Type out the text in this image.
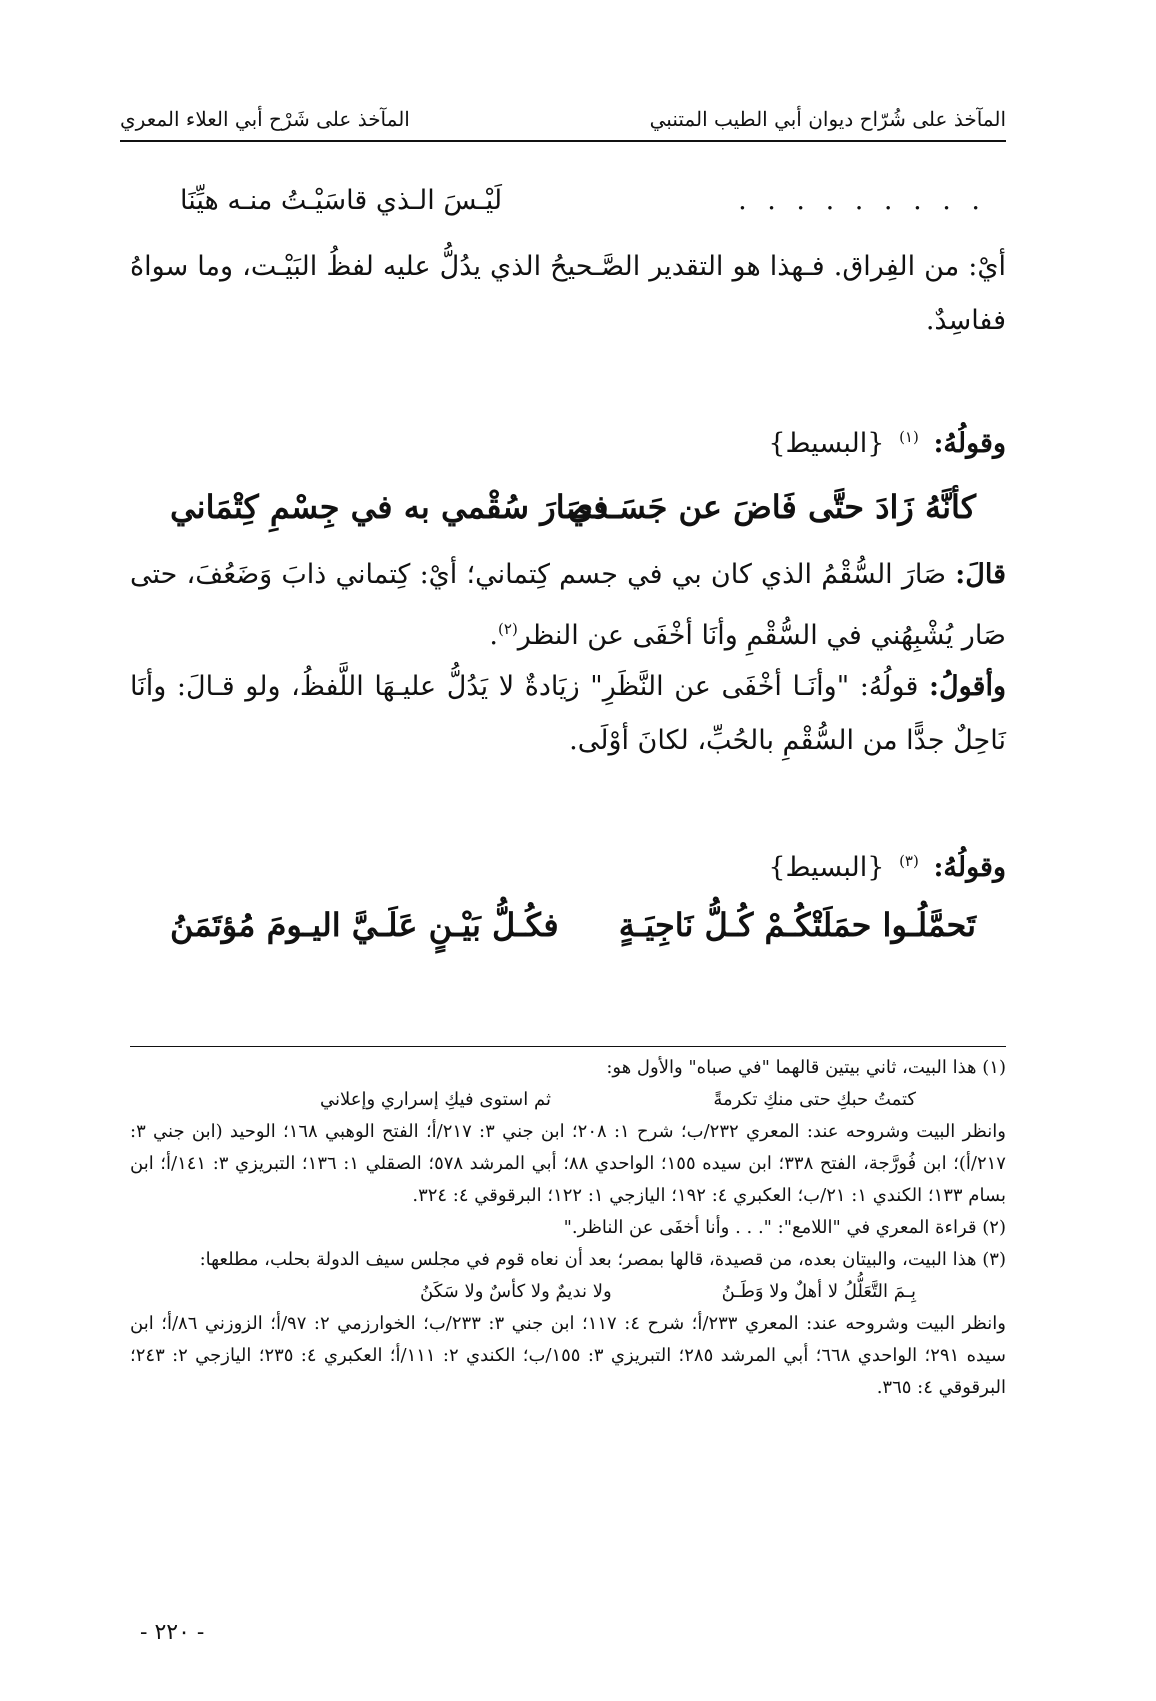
المآخذ على شُرّاح ديوان أبي الطيب المتنبي
المآخذ على شَرْح أبي العلاء المعري
. . . . . . . . .
لَيْـسَ الـذي قاسَيْـتُ منـه هيِّنَا
أيْ: من الفِراق. فـهذا هو التقدير الصَّـحيحُ الذي يدُلُّ عليه لفظُ البَيْـت، وما سواهُ ففاسِدٌ.
وقولُهُ: $^{(١)}$ {البسيط}
كأنَّهُ زَادَ حتَّى فَاضَ عن جَسَـدي
فصَارَ سُقْمي به في جِسْمِ كِتْمَاني
قالَ: صَارَ السُّقْمُ الذي كان بي في جسم كِتماني؛ أيْ: كِتماني ذابَ وَضَعُفَ، حتى صَار يُشْبِهُني في السُّقْمِ وأنَا أخْفَى عن النظر$^{(٢)}$.
وأقولُ: قولُهُ: "وأنَـا أخْفَى عن النَّظَرِ" زيَادةٌ لا يَدُلُّ عليـهَا اللَّفظُ، ولو قـالَ: وأنَا نَاحِلٌ جدًّا من السُّقْمِ بالحُبِّ، لكانَ أوْلَى.
وقولُهُ: $^{(٣)}$ {البسيط}
تَحمَّلُـوا حمَلَتْكُـمْ كُـلُّ نَاجِيَـةٍ
فكُـلُّ بَيْـنٍ عَلَـيَّ اليـومَ مُؤتَمَنُ

(١) هذا البيت، ثاني بيتين قالهما "في صباه" والأول هو:

كتمتُ حبكِ حتى منكِ تكرمةً
ثم استوى فيكِ إسراري وإعلاني

وانظر البيت وشروحه عند: المعري ٢٣٢/ب؛ شرح ١: ٢٠٨؛ ابن جني ٣: ٢١٧/أ؛ الفتح الوهبي ١٦٨؛ الوحيد (ابن جني ٣: ٢١٧/أ)؛ ابن فُورَّجة، الفتح ٣٣٨؛ ابن سيده ١٥٥؛ الواحدي ٨٨؛ أبي المرشد ٥٧٨؛ الصقلي ١: ١٣٦؛ التبريزي ٣: ١٤١/أ؛ ابن بسام ١٣٣؛ الكندي ١: ٢١/ب؛ العكبري ٤: ١٩٢؛ اليازجي ١: ١٢٢؛ البرقوقي ٤: ٣٢٤.

(٢) قراءة المعري في "اللامع": ". . . وأنا أخفَى عن الناظر."

(٣) هذا البيت، والبيتان بعده، من قصيدة، قالها بمصر؛ بعد أن نعاه قوم في مجلس سيف الدولة بحلب، مطلعها:

بِـمَ التَّعَلُّلُ لا أهلٌ ولا وَطَـنُ
ولا نديمٌ ولا كأسٌ ولا سَكَنُ

وانظر البيت وشروحه عند: المعري ٢٣٣/أ؛ شرح ٤: ١١٧؛ ابن جني ٣: ٢٣٣/ب؛ الخوارزمي ٢: ٩٧/أ؛ الزوزني ٨٦/أ؛ ابن سيده ٢٩١؛ الواحدي ٦٦٨؛ أبي المرشد ٢٨٥؛ التبريزي ٣: ١٥٥/ب؛ الكندي ٢: ١١١/أ؛ العكبري ٤: ٢٣٥؛ اليازجي ٢: ٢٤٣؛ البرقوقي ٤: ٣٦٥.

- ٢٢٠ -
